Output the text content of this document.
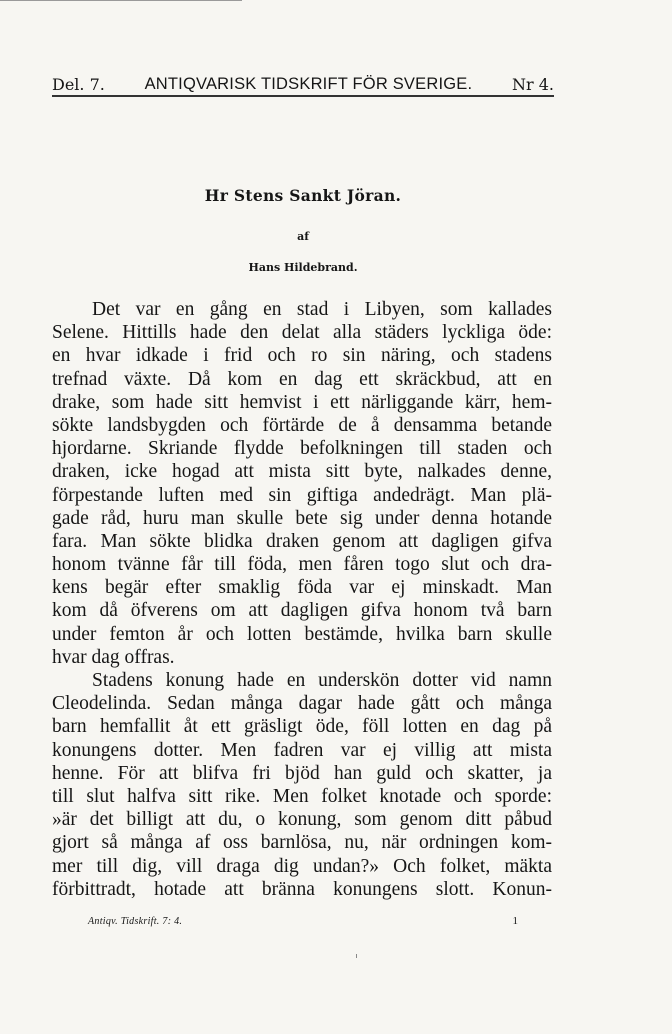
Del. 7. ANTIQVARISK TIDSKRIFT FÖR SVERIGE. Nr 4.
Hr Stens Sankt Jöran.
af
Hans Hildebrand.
Det var en gång en stad i Libyen, som kallades
Selene. Hittills hade den delat alla städers lyckliga öde:
en hvar idkade i frid och ro sin näring, och stadens
trefnad växte. Då kom en dag ett skräckbud, att en
drake, som hade sitt hemvist i ett närliggande kärr, hem-
sökte landsbygden och förtärde de å densamma betande
hjordarne. Skriande flydde befolkningen till staden och
draken, icke hogad att mista sitt byte, nalkades denne,
förpestande luften med sin giftiga andedrägt. Man plä-
gade råd, huru man skulle bete sig under denna hotande
fara. Man sökte blidka draken genom att dagligen gifva
honom tvänne får till föda, men fåren togo slut och dra-
kens begär efter smaklig föda var ej minskadt. Man
kom då öfverens om att dagligen gifva honom två barn
under femton år och lotten bestämde, hvilka barn skulle
hvar dag offras.
Stadens konung hade en underskön dotter vid namn
Cleodelinda. Sedan många dagar hade gått och många
barn hemfallit åt ett gräsligt öde, föll lotten en dag på
konungens dotter. Men fadren var ej villig att mista
henne. För att blifva fri bjöd han guld och skatter, ja
till slut halfva sitt rike. Men folket knotade och sporde:
»är det billigt att du, o konung, som genom ditt påbud
gjort så många af oss barnlösa, nu, när ordningen kom-
mer till dig, vill draga dig undan?» Och folket, mäkta
förbittradt, hotade att bränna konungens slott. Konun-
Antiqv. Tidskrift. 7: 4.	1
